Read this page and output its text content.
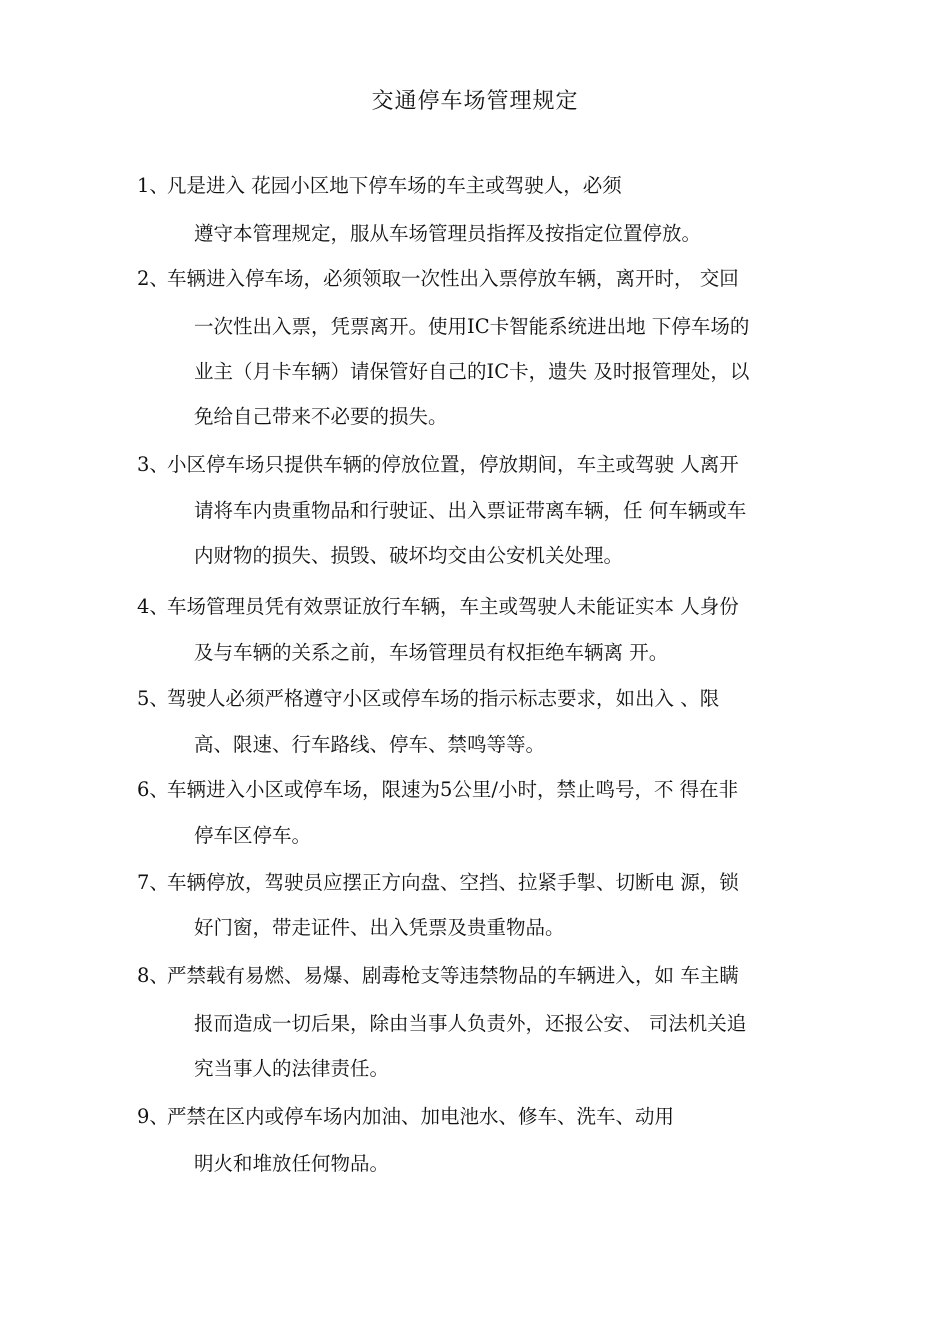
交通停车场管理规定
1、凡是进入 花园小区地下停车场的车主或驾驶人，必须
遵守本管理规定，服从车场管理员指挥及按指定位置停放。
2、车辆进入停车场，必须领取一次性出入票停放车辆，离开时， 交回
一次性出入票，凭票离开。使用IC卡智能系统进出地 下停车场的
业主（月卡车辆）请保管好自己的IC卡，遗失 及时报管理处，以
免给自己带来不必要的损失。
3、小区停车场只提供车辆的停放位置，停放期间，车主或驾驶 人离开
请将车内贵重物品和行驶证、出入票证带离车辆，任 何车辆或车
内财物的损失、损毁、破坏均交由公安机关处理。
4、车场管理员凭有效票证放行车辆，车主或驾驶人未能证实本 人身份
及与车辆的关系之前，车场管理员有权拒绝车辆离 开。
5、驾驶人必须严格遵守小区或停车场的指示标志要求，如出入 、限
高、限速、行车路线、停车、禁鸣等等。
6、车辆进入小区或停车场，限速为5公里/小时，禁止鸣号，不 得在非
停车区停车。
7、车辆停放，驾驶员应摆正方向盘、空挡、拉紧手掣、切断电 源，锁
好门窗，带走证件、出入凭票及贵重物品。
8、严禁载有易燃、易爆、剧毒枪支等违禁物品的车辆进入，如 车主瞒
报而造成一切后果，除由当事人负责外，还报公安、 司法机关追
究当事人的法律责任。
9、严禁在区内或停车场内加油、加电池水、修车、洗车、动用
明火和堆放任何物品。
